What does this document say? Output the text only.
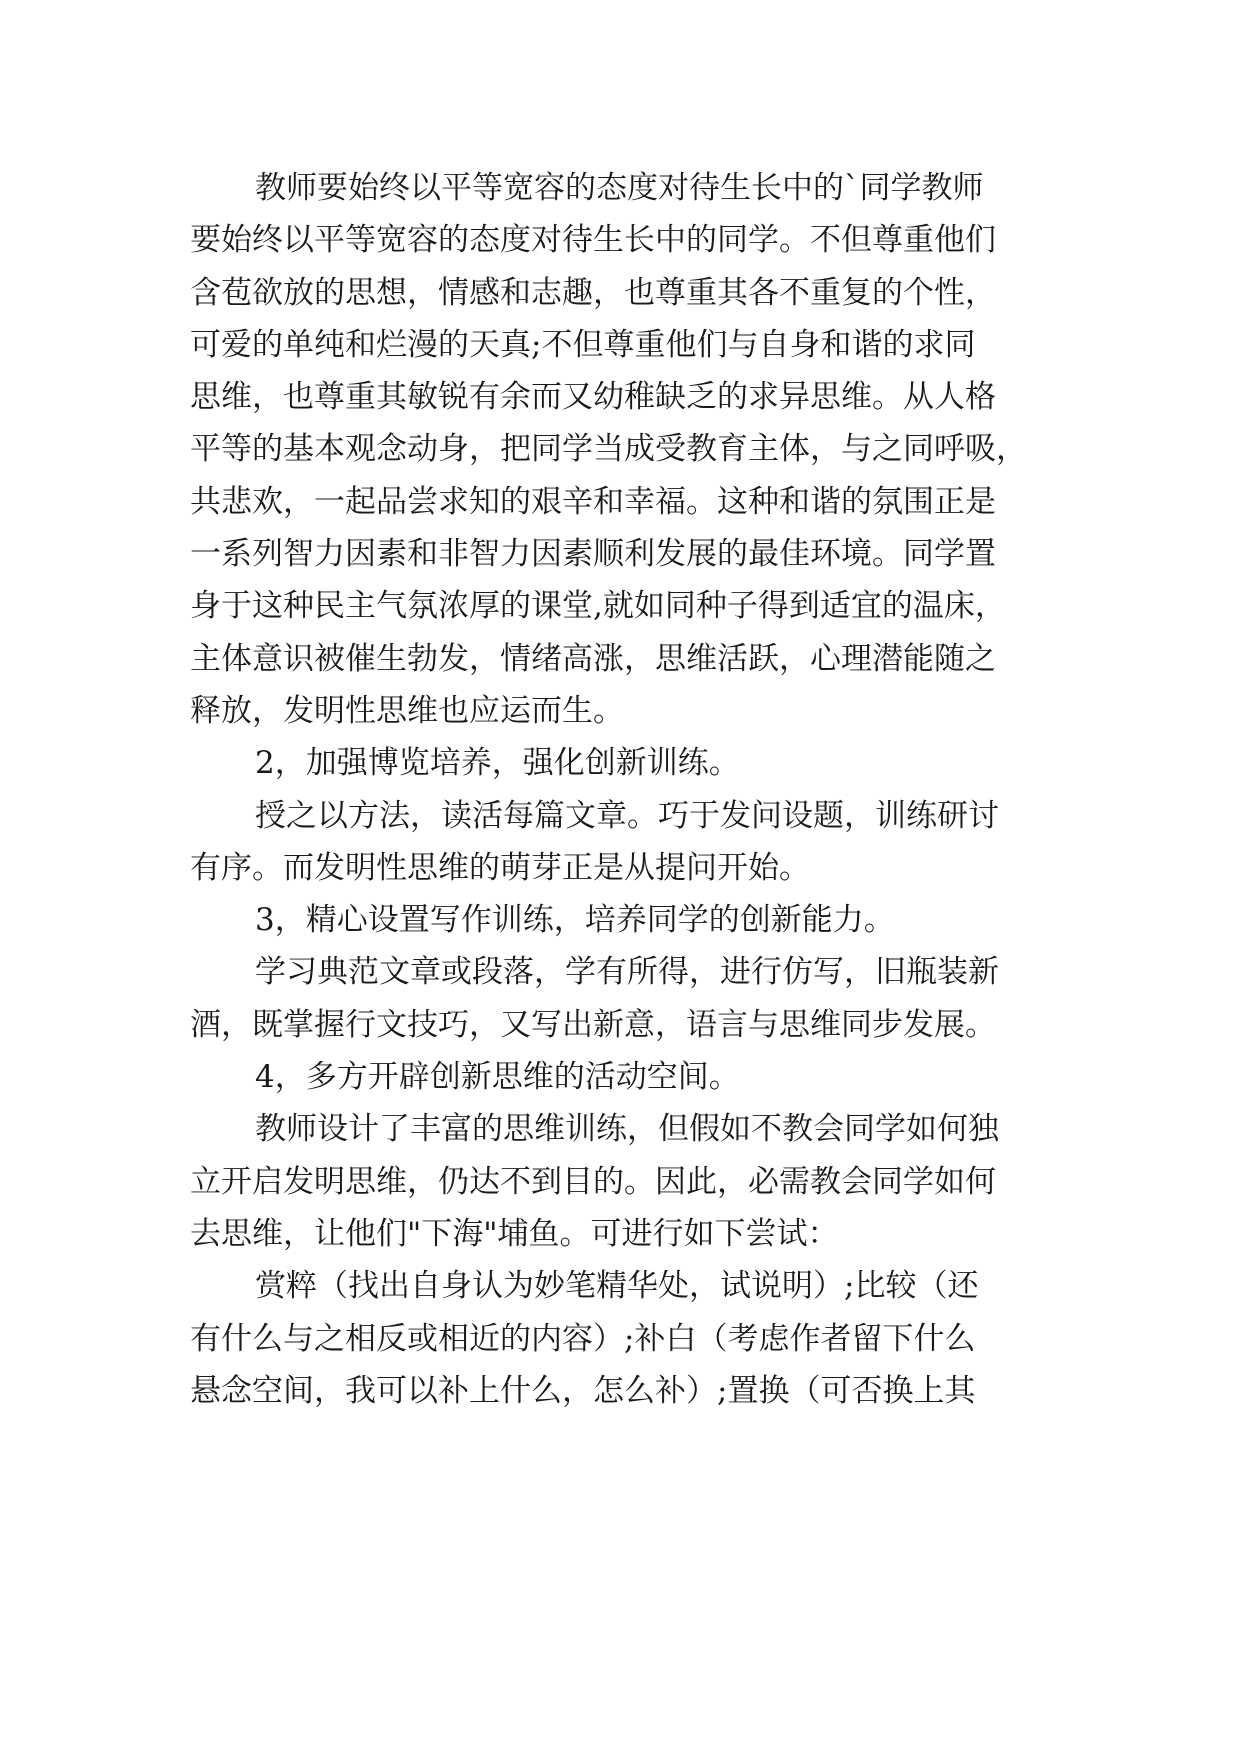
教师要始终以平等宽容的态度对待生长中的`同学教师
要始终以平等宽容的态度对待生长中的同学。不但尊重他们
含苞欲放的思想，情感和志趣，也尊重其各不重复的个性，
可爱的单纯和烂漫的天真;不但尊重他们与自身和谐的求同
思维，也尊重其敏锐有余而又幼稚缺乏的求异思维。从人格
平等的基本观念动身，把同学当成受教育主体，与之同呼吸，
共悲欢，一起品尝求知的艰辛和幸福。这种和谐的氛围正是
一系列智力因素和非智力因素顺利发展的最佳环境。同学置
身于这种民主气氛浓厚的课堂,就如同种子得到适宜的温床，
主体意识被催生勃发，情绪高涨，思维活跃，心理潜能随之
释放，发明性思维也应运而生。
2，加强博览培养，强化创新训练。
授之以方法，读活每篇文章。巧于发问设题，训练研讨
有序。而发明性思维的萌芽正是从提问开始。
3，精心设置写作训练，培养同学的创新能力。
学习典范文章或段落，学有所得，进行仿写，旧瓶装新
酒，既掌握行文技巧，又写出新意，语言与思维同步发展。
4，多方开辟创新思维的活动空间。
教师设计了丰富的思维训练，但假如不教会同学如何独
立开启发明思维，仍达不到目的。因此，必需教会同学如何
去思维，让他们"下海"埔鱼。可进行如下尝试：
赏粹（找出自身认为妙笔精华处，试说明）;比较（还
有什么与之相反或相近的内容）;补白（考虑作者留下什么
悬念空间，我可以补上什么，怎么补）;置换（可否换上其
